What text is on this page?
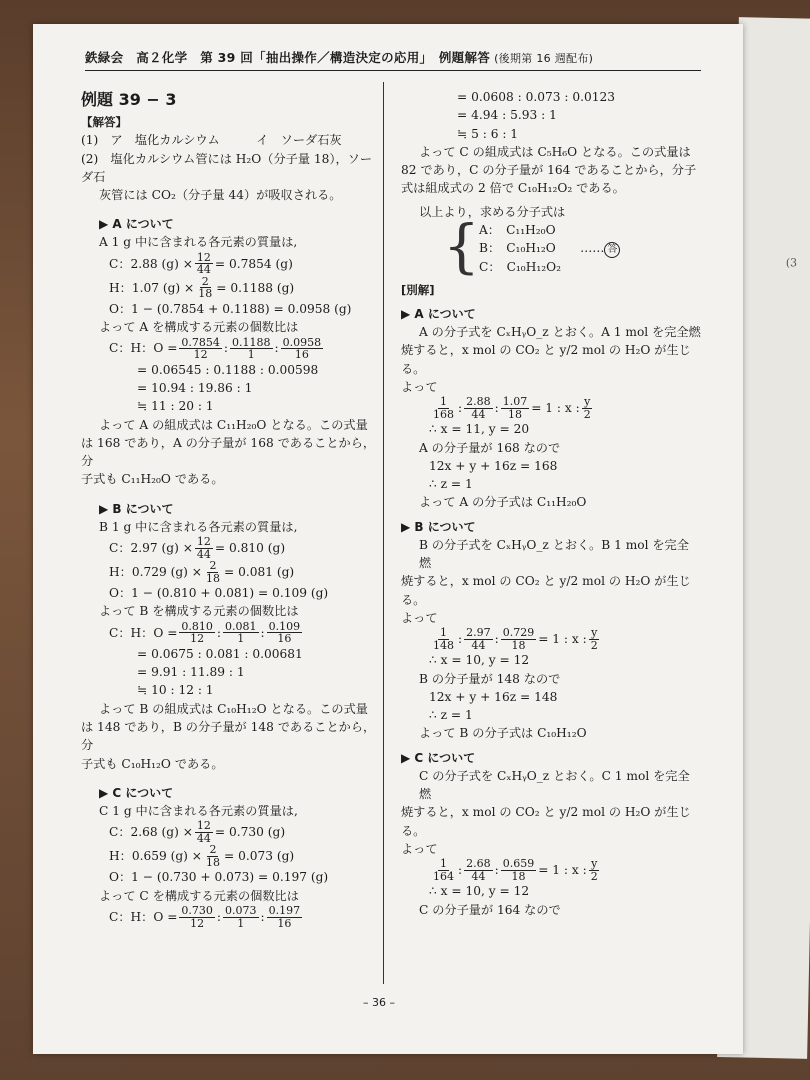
(3
鉄緑会　高２化学　第 39 回「抽出操作／構造決定の応用」　例題解答 (後期第 16 週配布)

例題 39 − 3

【解答】

(1)　ア　塩化カルシウム　　　イ　ソーダ石灰

(2)　塩化カルシウム管には H₂O（分子量 18），ソーダ石

灰管には CO₂（分子量 44）が吸収される。

▶ A について

A 1 g 中に含まれる各元素の質量は,

C：2.88 $(g) \times \frac{12}{44} = 0.7854$ (g)
H：1.07 $(g) \times \frac{2}{18} = 0.1188$ (g)

O：1 − (0.7854 + 0.1188) = 0.0958 (g)

よって A を構成する元素の個数比は

C：H：$O = \frac{0.7854}{12}$ : $\frac{0.1188}{1}$ : $\frac{0.0958}{16}$

= 0.06545 : 0.1188 : 0.00598

= 10.94 : 19.86 : 1

≒ 11 : 20 : 1

よって A の組成式は C₁₁H₂₀O となる。この式量

は 168 であり，A の分子量が 168 であることから，分

子式も C₁₁H₂₀O である。

▶ B について

B 1 g 中に含まれる各元素の質量は,

C：2.97 $(g) \times \frac{12}{44} = 0.810$ (g)
H：0.729 $(g) \times \frac{2}{18} = 0.081$ (g)

O：1 − (0.810 + 0.081) = 0.109 (g)

よって B を構成する元素の個数比は

C：H：$O = \frac{0.810}{12}$ : $\frac{0.081}{1}$ : $\frac{0.109}{16}$

= 0.0675 : 0.081 : 0.00681

= 9.91 : 11.89 : 1

≒ 10 : 12 : 1

よって B の組成式は C₁₀H₁₂O となる。この式量

は 148 であり，B の分子量が 148 であることから，分

子式も C₁₀H₁₂O である。

▶ C について

C 1 g 中に含まれる各元素の質量は,

C：2.68 $(g) \times \frac{12}{44} = 0.730$ (g)
H：0.659 $(g) \times \frac{2}{18} = 0.073$ (g)

O：1 − (0.730 + 0.073) = 0.197 (g)

よって C を構成する元素の個数比は

C：H：$O = \frac{0.730}{12}$ : $\frac{0.073}{1}$ : $\frac{0.197}{16}$

= 0.0608 : 0.073 : 0.0123

= 4.94 : 5.93 : 1

≒ 5 : 6 : 1

よって C の組成式は C₅H₆O となる。この式量は

82 であり，C の分子量が 164 であることから，分子

式は組成式の 2 倍で C₁₀H₁₂O₂ である。

以上より，求める分子式は

{ A：　C₁₁H₂₀O

B：　C₁₀H₁₂O　　…… 答

C：　C₁₀H₁₂O₂

[別解]

▶ A について

A の分子式を CₓHᵧO_z とおく。A 1 mol を完全燃

焼すると，x mol の CO₂ と y/2 mol の H₂O が生じる。

よって

$\frac{1}{168}$ : $\frac{2.88}{44}$ : $\frac{1.07}{18} = 1$ : x : $\frac{y}{2}$

∴ x = 11, y = 20

A の分子量が 168 なので

12x + y + 16z = 168

∴ z = 1

よって A の分子式は C₁₁H₂₀O

▶ B について

B の分子式を CₓHᵧO_z とおく。B 1 mol を完全燃

焼すると，x mol の CO₂ と y/2 mol の H₂O が生じる。

よって

$\frac{1}{148}$ : $\frac{2.97}{44}$ : $\frac{0.729}{18} = 1$ : x : $\frac{y}{2}$

∴ x = 10, y = 12

B の分子量が 148 なので

12x + y + 16z = 148

∴ z = 1

よって B の分子式は C₁₀H₁₂O

▶ C について

C の分子式を CₓHᵧO_z とおく。C 1 mol を完全燃

焼すると，x mol の CO₂ と y/2 mol の H₂O が生じる。

よって

$\frac{1}{164}$ : $\frac{2.68}{44}$ : $\frac{0.659}{18} = 1$ : x : $\frac{y}{2}$

∴ x = 10, y = 12

C の分子量が 164 なので

– 36 –
